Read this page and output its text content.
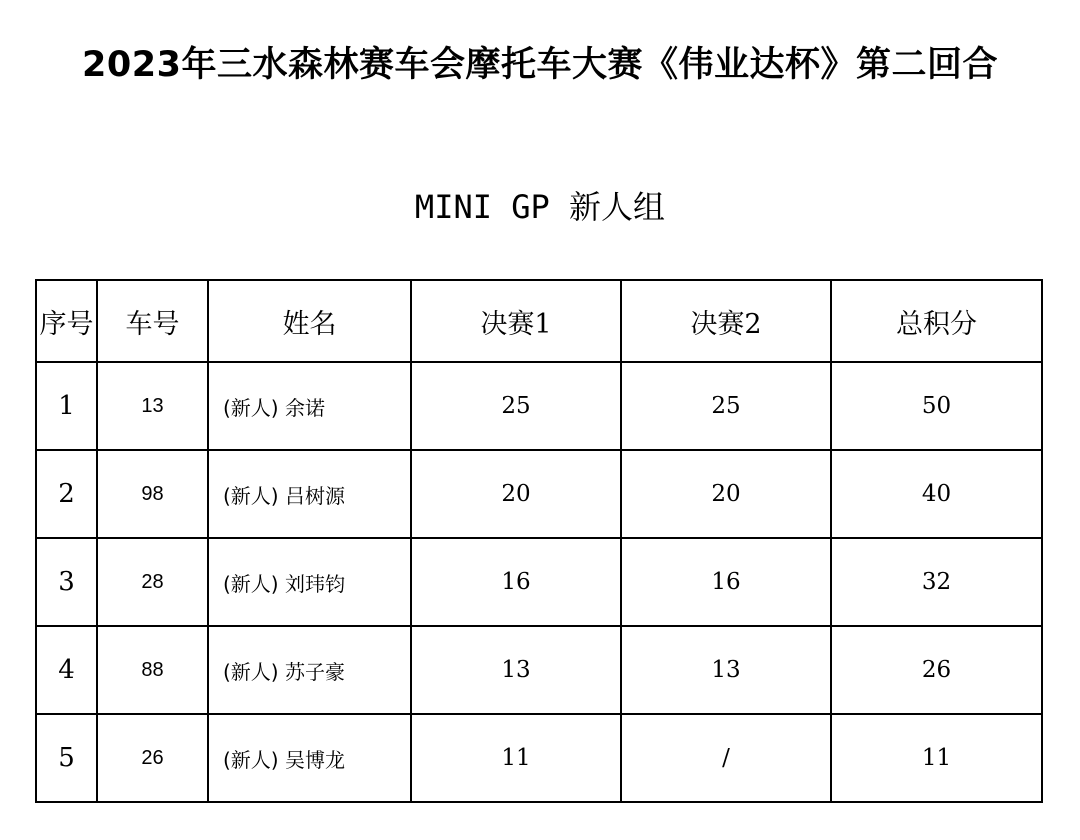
2023年三水森林赛车会摩托车大赛《伟业达杯》第二回合
MINI GP 新人组
序号	车号	姓名	决赛1	决赛2	总积分
1	13	(新人) 余诺	25	25	50
2	98	(新人) 吕树源	20	20	40
3	28	(新人) 刘玮钧	16	16	32
4	88	(新人) 苏子豪	13	13	26
5	26	(新人) 吴博龙	11	/	11
